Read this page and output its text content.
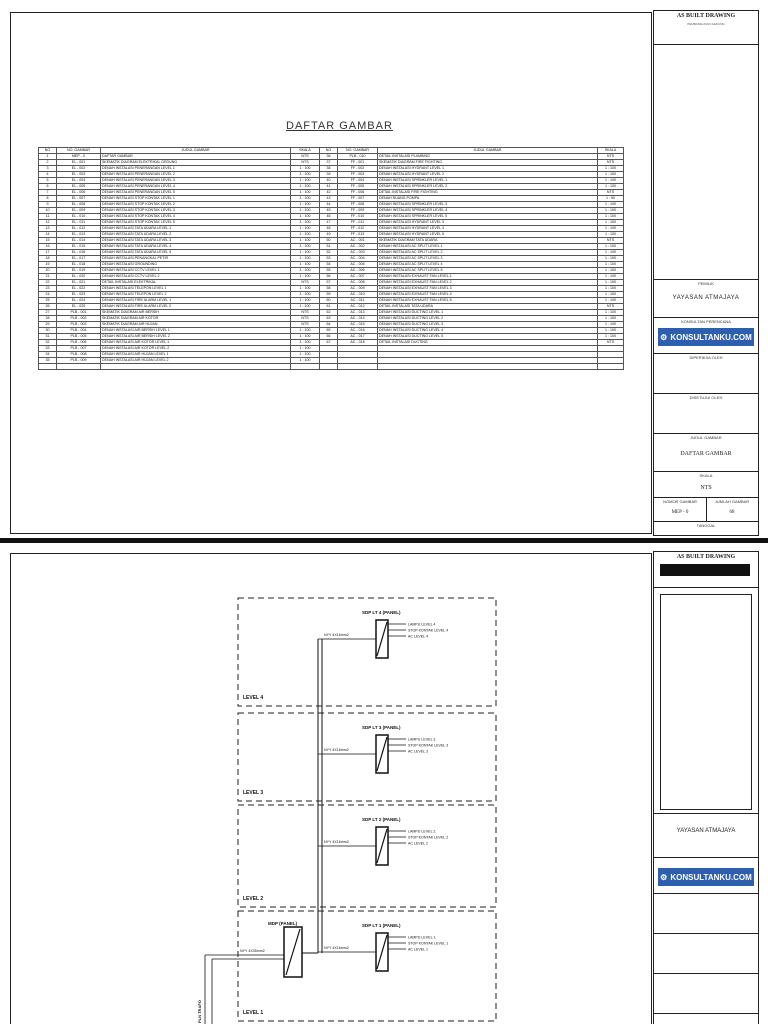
DAFTAR GAMBAR
NO	NO. GAMBAR	JUDUL GAMBAR	SKALA
1	MEP - 0	DAFTAR GAMBAR	NTS
2	EL - 001	SKEMATIK DIAGRAM ELEKTRIKAL GEDUNG	NTS
3	EL - 002	DENAH INSTALASI PENERANGAN LEVEL 1	1 : 100
4	EL - 003	DENAH INSTALASI PENERANGAN LEVEL 2	1 : 100
5	EL - 004	DENAH INSTALASI PENERANGAN LEVEL 3	1 : 100
6	EL - 005	DENAH INSTALASI PENERANGAN LEVEL 4	1 : 100
7	EL - 006	DENAH INSTALASI PENERANGAN LEVEL 5	1 : 100
8	EL - 007	DENAH INSTALASI STOP KONTAK LEVEL 1	1 : 100
9	EL - 008	DENAH INSTALASI STOP KONTAK LEVEL 2	1 : 100
10	EL - 009	DENAH INSTALASI STOP KONTAK LEVEL 3	1 : 100
11	EL - 010	DENAH INSTALASI STOP KONTAK LEVEL 4	1 : 100
12	EL - 011	DENAH INSTALASI STOP KONTAK LEVEL 5	1 : 100
13	EL - 012	DENAH INSTALASI TATA UDARA LEVEL 1	1 : 100
14	EL - 013	DENAH INSTALASI TATA UDARA LEVEL 2	1 : 100
15	EL - 014	DENAH INSTALASI TATA UDARA LEVEL 3	1 : 100
16	EL - 015	DENAH INSTALASI TATA UDARA LEVEL 4	1 : 100
17	EL - 016	DENAH INSTALASI TATA UDARA LEVEL 5	1 : 100
18	EL - 017	DENAH INSTALASI PENANGKAL PETIR	1 : 100
19	EL - 018	DENAH INSTALASI GROUNDING	1 : 100
20	EL - 019	DENAH INSTALASI CCTV LEVEL 1	1 : 100
21	EL - 020	DENAH INSTALASI CCTV LEVEL 2	1 : 100
22	EL - 021	DETAIL INSTALASI ELEKTRIKAL	NTS
23	EL - 022	DENAH INSTALASI TELEPON LEVEL 1	1 : 100
24	EL - 023	DENAH INSTALASI TELEPON LEVEL 2	1 : 100
25	EL - 024	DENAH INSTALASI FIRE ALARM LEVEL 1	1 : 100
26	EL - 025	DENAH INSTALASI FIRE ALARM LEVEL 2	1 : 100
27	PLB - 001	SKEMATIK DIAGRAM AIR BERSIH	NTS
28	PLB - 002	SKEMATIK DIAGRAM AIR KOTOR	NTS
29	PLB - 003	SKEMATIK DIAGRAM AIR HUJAN	NTS
30	PLB - 004	DENAH INSTALASI AIR BERSIH LEVEL 1	1 : 100
31	PLB - 005	DENAH INSTALASI AIR BERSIH LEVEL 2	1 : 100
32	PLB - 006	DENAH INSTALASI AIR KOTOR LEVEL 1	1 : 100
33	PLB - 007	DENAH INSTALASI AIR KOTOR LEVEL 2	1 : 100
34	PLB - 008	DENAH INSTALASI AIR HUJAN LEVEL 1	1 : 100
35	PLB - 009	DENAH INSTALASI AIR HUJAN LEVEL 2	1 : 100

NO	NO. GAMBAR	JUDUL GAMBAR	SKALA
36	PLB - 010	DETAIL INSTALASI PLAMBING	NTS
37	FF - 001	SKEMATIK DIAGRAM FIRE FIGHTING	NTS
38	FF - 002	DENAH INSTALASI HYDRANT LEVEL 1	1 : 100
39	FF - 003	DENAH INSTALASI HYDRANT LEVEL 2	1 : 100
40	FF - 004	DENAH INSTALASI SPRINKLER LEVEL 1	1 : 100
41	FF - 005	DENAH INSTALASI SPRINKLER LEVEL 2	1 : 100
42	FF - 006	DETAIL INSTALASI FIRE FIGHTING	NTS
43	FF - 007	DENAH RUANG POMPA	1 : 50
44	FF - 008	DENAH INSTALASI SPRINKLER LEVEL 3	1 : 100
45	FF - 009	DENAH INSTALASI SPRINKLER LEVEL 4	1 : 100
46	FF - 010	DENAH INSTALASI SPRINKLER LEVEL 5	1 : 100
47	FF - 011	DENAH INSTALASI HYDRANT LEVEL 3	1 : 100
48	FF - 012	DENAH INSTALASI HYDRANT LEVEL 4	1 : 100
49	FF - 013	DENAH INSTALASI HYDRANT LEVEL 5	1 : 100
50	AC - 001	SKEMATIK DIAGRAM TATA UDARA	NTS
51	AC - 002	DENAH INSTALASI AC SPLIT LEVEL 1	1 : 100
52	AC - 003	DENAH INSTALASI AC SPLIT LEVEL 2	1 : 100
53	AC - 004	DENAH INSTALASI AC SPLIT LEVEL 3	1 : 100
54	AC - 005	DENAH INSTALASI AC SPLIT LEVEL 4	1 : 100
55	AC - 006	DENAH INSTALASI AC SPLIT LEVEL 5	1 : 100
56	AC - 007	DENAH INSTALASI EXHAUST FAN LEVEL 1	1 : 100
57	AC - 008	DENAH INSTALASI EXHAUST FAN LEVEL 2	1 : 100
58	AC - 009	DENAH INSTALASI EXHAUST FAN LEVEL 3	1 : 100
59	AC - 010	DENAH INSTALASI EXHAUST FAN LEVEL 4	1 : 100
60	AC - 011	DENAH INSTALASI EXHAUST FAN LEVEL 5	1 : 100
61	AC - 012	DETAIL INSTALASI TATA UDARA	NTS
62	AC - 013	DENAH INSTALASI DUCTING LEVEL 1	1 : 100
63	AC - 014	DENAH INSTALASI DUCTING LEVEL 2	1 : 100
64	AC - 015	DENAH INSTALASI DUCTING LEVEL 3	1 : 100
65	AC - 016	DENAH INSTALASI DUCTING LEVEL 4	1 : 100
66	AC - 017	DENAH INSTALASI DUCTING LEVEL 5	1 : 100
67	AC - 018	DETAIL INSTALASI DUCTING	NTS

AS BUILT DRAWING
PEMBANGUNAN GEDUNG
PEMILIK
YAYASAN ATMAJAYA
KONSULTAN PERENCANA
⚙ KONSULTANKU.COM
DIPERIKSA OLEH
DISETUJUI OLEH
JUDUL GAMBAR
DAFTAR GAMBAR
SKALA
NTS
NOMOR GAMBAR
MEP - 0
JUMLAH GAMBAR
68
TANGGAL
LEVEL 4
SDP LT 4 (PANEL)
LAMPU LEVEL 4
STOP KONTAK LEVEL 4
AC LEVEL 4
NYY 4X16mm2
LEVEL 3
SDP LT 3 (PANEL)
LAMPU LEVEL 3
STOP KONTAK LEVEL 3
AC LEVEL 3
NYY 4X16mm2
LEVEL 2
SDP LT 2 (PANEL)
LAMPU LEVEL 2
STOP KONTAK LEVEL 2
AC LEVEL 2
NYY 4X16mm2
LEVEL 1
SDP LT 1 (PANEL)
LAMPU LEVEL 1
STOP KONTAK LEVEL 1
AC LEVEL 1
NYY 4X16mm2
MDP (PANEL)
NYY 4X35mm2
PLN TRAFO
AS BUILT DRAWING
YAYASAN ATMAJAYA
⚙ KONSULTANKU.COM
